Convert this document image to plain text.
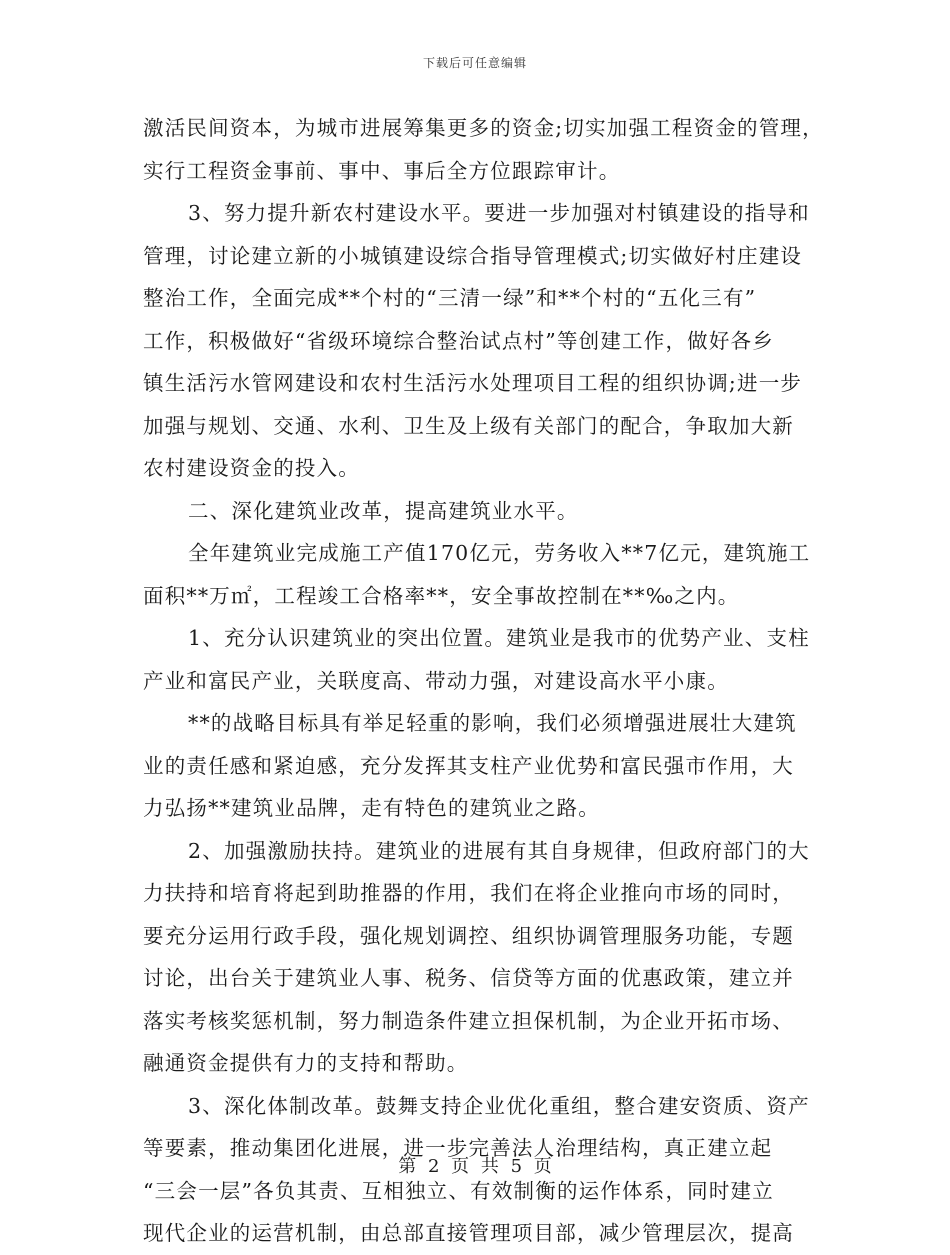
下载后可任意编辑
激活民间资本，为城市进展筹集更多的资金;切实加强工程资金的管理，
实行工程资金事前、事中、事后全方位跟踪审计。
3、努力提升新农村建设水平。要进一步加强对村镇建设的指导和
管理，讨论建立新的小城镇建设综合指导管理模式;切实做好村庄建设
整治工作，全面完成**个村的“三清一绿”和**个村的“五化三有”
工作，积极做好“省级环境综合整治试点村”等创建工作，做好各乡
镇生活污水管网建设和农村生活污水处理项目工程的组织协调;进一步
加强与规划、交通、水利、卫生及上级有关部门的配合，争取加大新
农村建设资金的投入。
二、深化建筑业改革，提高建筑业水平。
全年建筑业完成施工产值170亿元，劳务收入**7亿元，建筑施工
面积**万㎡，工程竣工合格率**，安全事故控制在**‰之内。
1、充分认识建筑业的突出位置。建筑业是我市的优势产业、支柱
产业和富民产业，关联度高、带动力强，对建设高水平小康。
**的战略目标具有举足轻重的影响，我们必须增强进展壮大建筑
业的责任感和紧迫感，充分发挥其支柱产业优势和富民强市作用，大
力弘扬**建筑业品牌，走有特色的建筑业之路。
2、加强激励扶持。建筑业的进展有其自身规律，但政府部门的大
力扶持和培育将起到助推器的作用，我们在将企业推向市场的同时，
要充分运用行政手段，强化规划调控、组织协调管理服务功能，专题
讨论，出台关于建筑业人事、税务、信贷等方面的优惠政策，建立并
落实考核奖惩机制，努力制造条件建立担保机制，为企业开拓市场、
融通资金提供有力的支持和帮助。
3、深化体制改革。鼓舞支持企业优化重组，整合建安资质、资产
等要素，推动集团化进展，进一步完善法人治理结构，真正建立起
“三会一层”各负其责、互相独立、有效制衡的运作体系，同时建立
现代企业的运营机制，由总部直接管理项目部，减少管理层次，提高
第 2 页 共 5 页
